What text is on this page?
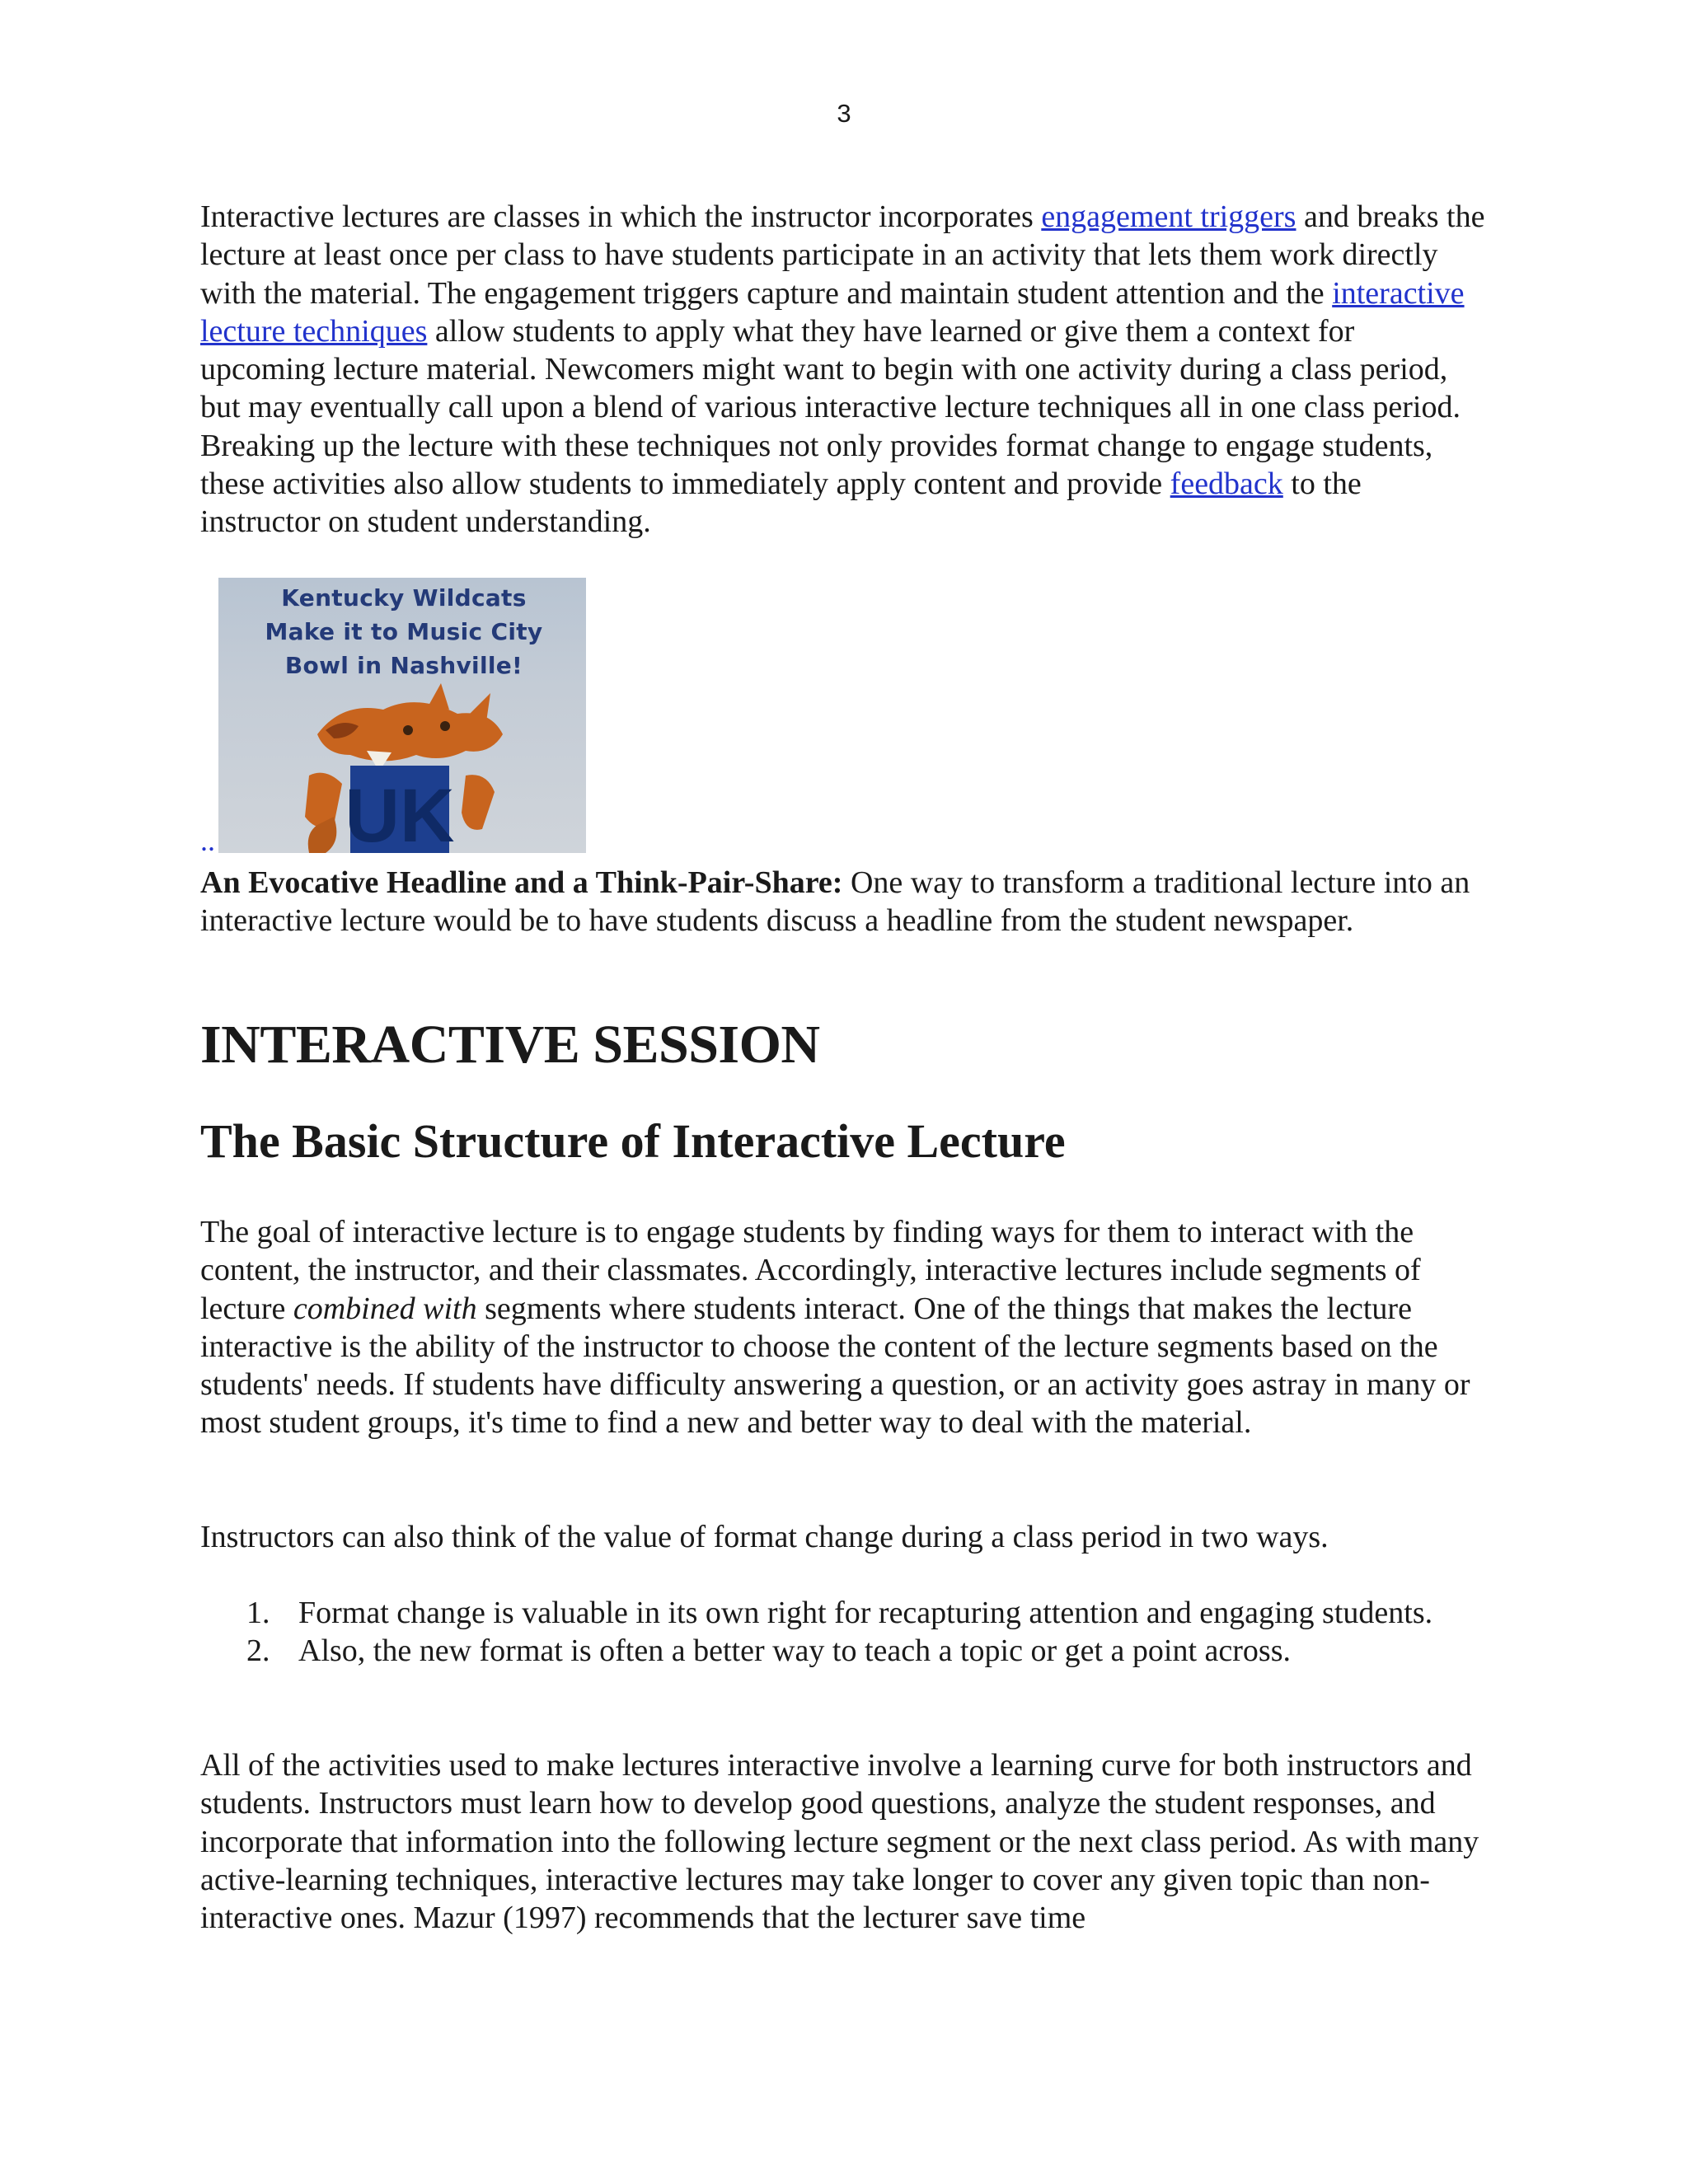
3

Interactive lectures are classes in which the instructor incorporates engagement triggers and breaks the lecture at least once per class to have students participate in an activity that lets them work directly with the material. The engagement triggers capture and maintain student attention and the interactive lecture techniques allow students to apply what they have learned or give them a context for upcoming lecture material. Newcomers might want to begin with one activity during a class period, but may eventually call upon a blend of various interactive lecture techniques all in one class period. Breaking up the lecture with these techniques not only provides format change to engage students, these activities also allow students to immediately apply content and provide feedback to the instructor on student understanding.

Kentucky Wildcats
Make it to Music City
Bowl in Nashville!
UK
..

An Evocative Headline and a Think-Pair-Share: One way to transform a traditional lecture into an interactive lecture would be to have students discuss a headline from the student newspaper.

INTERACTIVE SESSION
The Basic Structure of Interactive Lecture

The goal of interactive lecture is to engage students by finding ways for them to interact with the content, the instructor, and their classmates. Accordingly, interactive lectures include segments of lecture combined with segments where students interact. One of the things that makes the lecture interactive is the ability of the instructor to choose the content of the lecture segments based on the students' needs. If students have difficulty answering a question, or an activity goes astray in many or most student groups, it's time to find a new and better way to deal with the material.

Instructors can also think of the value of format change during a class period in two ways.

1. Format change is valuable in its own right for recapturing attention and engaging students.
2. Also, the new format is often a better way to teach a topic or get a point across.

All of the activities used to make lectures interactive involve a learning curve for both instructors and students. Instructors must learn how to develop good questions, analyze the student responses, and incorporate that information into the following lecture segment or the next class period. As with many active-learning techniques, interactive lectures may take longer to cover any given topic than non-interactive ones. Mazur (1997) recommends that the lecturer save time
